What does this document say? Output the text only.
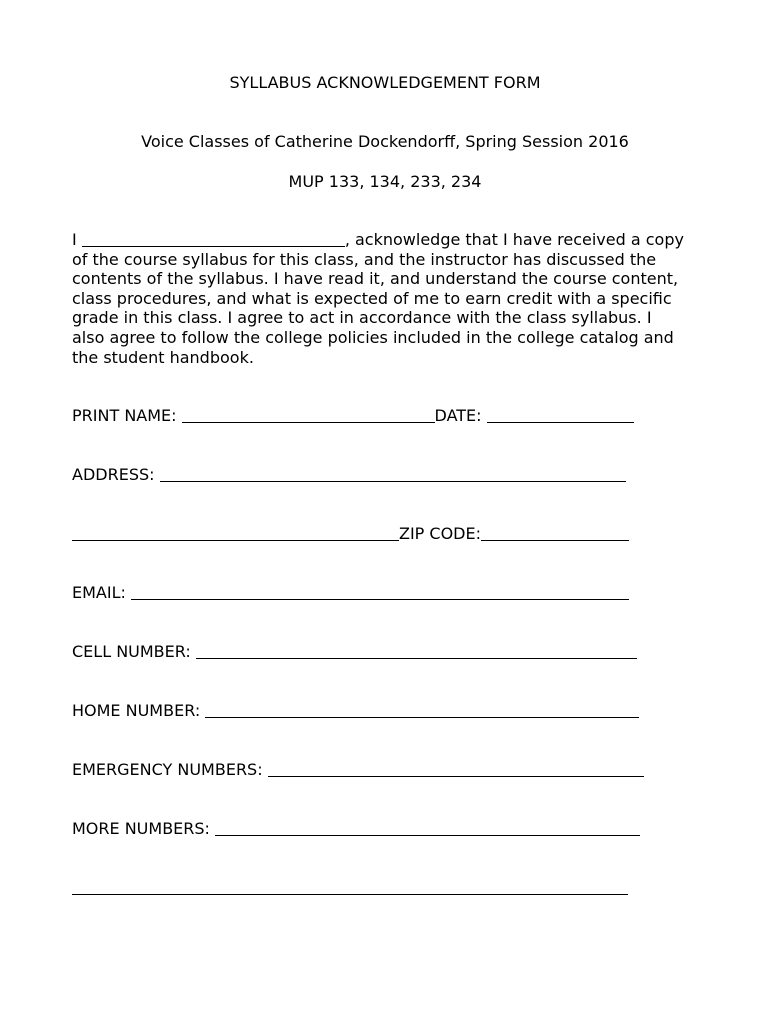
SYLLABUS ACKNOWLEDGEMENT FORM
Voice Classes of Catherine Dockendorff, Spring Session 2016
MUP 133, 134, 233, 234
I	, acknowledge that I have received a copy
of the course syllabus for this class, and the instructor has discussed the
contents of the syllabus. I have read it, and understand the course content,
class procedures, and what is expected of me to earn credit with a specific
grade in this class. I agree to act in accordance with the class syllabus. I
also agree to follow the college policies included in the college catalog and
the student handbook.
PRINT NAME:	DATE:
ADDRESS:
ZIP CODE:
EMAIL:
CELL NUMBER:
HOME NUMBER:
EMERGENCY NUMBERS:
MORE NUMBERS:
